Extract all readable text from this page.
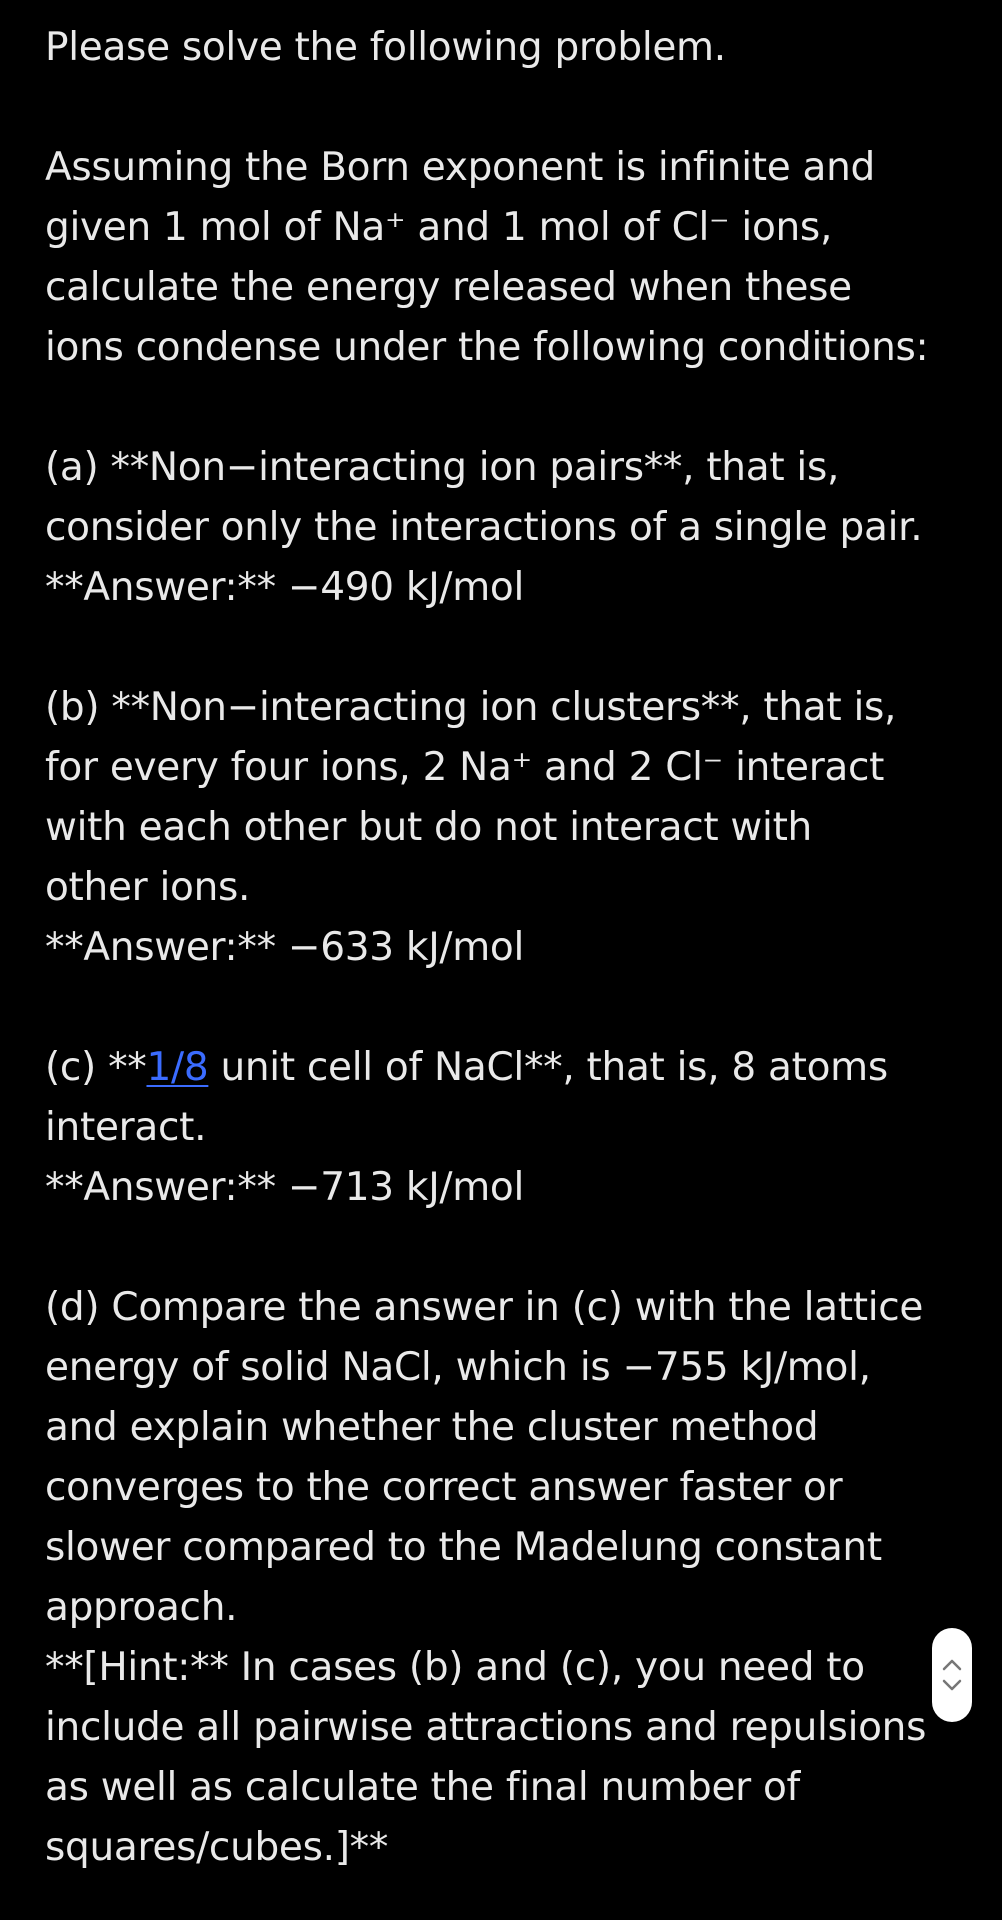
Please solve the following problem.
Assuming the Born exponent is infinite and
given 1 mol of Na⁺ and 1 mol of Cl⁻ ions,
calculate the energy released when these
ions condense under the following conditions:
(a) **Non−interacting ion pairs**, that is,
consider only the interactions of a single pair.
**Answer:** −490 kJ/mol
(b) **Non−interacting ion clusters**, that is,
for every four ions, 2 Na⁺ and 2 Cl⁻ interact
with each other but do not interact with
other ions.
**Answer:** −633 kJ/mol
(c) **1/8 unit cell of NaCl**, that is, 8 atoms
interact.
**Answer:** −713 kJ/mol
(d) Compare the answer in (c) with the lattice
energy of solid NaCl, which is −755 kJ/mol,
and explain whether the cluster method
converges to the correct answer faster or
slower compared to the Madelung constant
approach.
**[Hint:** In cases (b) and (c), you need to
include all pairwise attractions and repulsions
as well as calculate the final number of
squares/cubes.]**
